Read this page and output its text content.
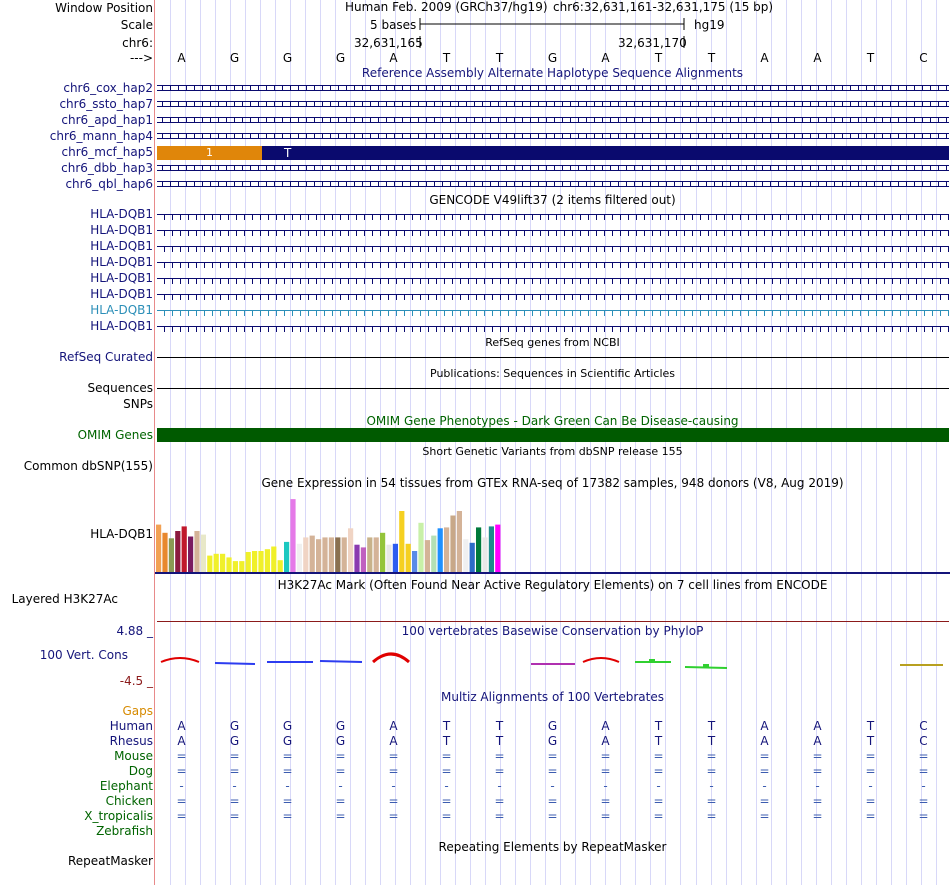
Window Position
Scale
chr6:
--->
Human Feb. 2009 (GRCh37/hg19) chr6:32,631,161-32,631,175 (15 bp)
5 bases	hg19
32,631,165	32,631,170
A	G	G	G	A	T	T	G	A	T	T	A	A	T	C
Reference Assembly Alternate Haplotype Sequence Alignments
chr6_cox_hap2
chr6_ssto_hap7
chr6_apd_hap1
chr6_mann_hap4
chr6_mcf_hap5	1	T
chr6_dbb_hap3
chr6_qbl_hap6
GENCODE V49lift37 (2 items filtered out)
HLA-DQB1
HLA-DQB1
HLA-DQB1
HLA-DQB1
HLA-DQB1
HLA-DQB1
HLA-DQB1
HLA-DQB1
RefSeq genes from NCBI
RefSeq Curated
Publications: Sequences in Scientific Articles
Sequences
SNPs
OMIM Gene Phenotypes - Dark Green Can Be Disease-causing
OMIM Genes
Short Genetic Variants from dbSNP release 155
Common dbSNP(155)
Gene Expression in 54 tissues from GTEx RNA-seq of 17382 samples, 948 donors (V8, Aug 2019)
HLA-DQB1
H3K27Ac Mark (Often Found Near Active Regulatory Elements) on 7 cell lines from ENCODE
Layered H3K27Ac
100 vertebrates Basewise Conservation by PhyloP
4.88 _
100 Vert. Cons
-4.5 _
Multiz Alignments of 100 Vertebrates
Gaps
Human	A	G	G	G	A	T	T	G	A	T	T	A	A	T	C
Rhesus	A	G	G	G	A	T	T	G	A	T	T	A	A	T	C
Mouse	=	=	=	=	=	=	=	=	=	=	=	=	=	=	=
Dog	=	=	=	=	=	=	=	=	=	=	=	=	=	=	=
Elephant	-	-	-	-	-	-	-	-	-	-	-	-	-	-	-
Chicken	=	=	=	=	=	=	=	=	=	=	=	=	=	=	=
X_tropicalis	=	=	=	=	=	=	=	=	=	=	=	=	=	=	=
Zebrafish
Repeating Elements by RepeatMasker
RepeatMasker
